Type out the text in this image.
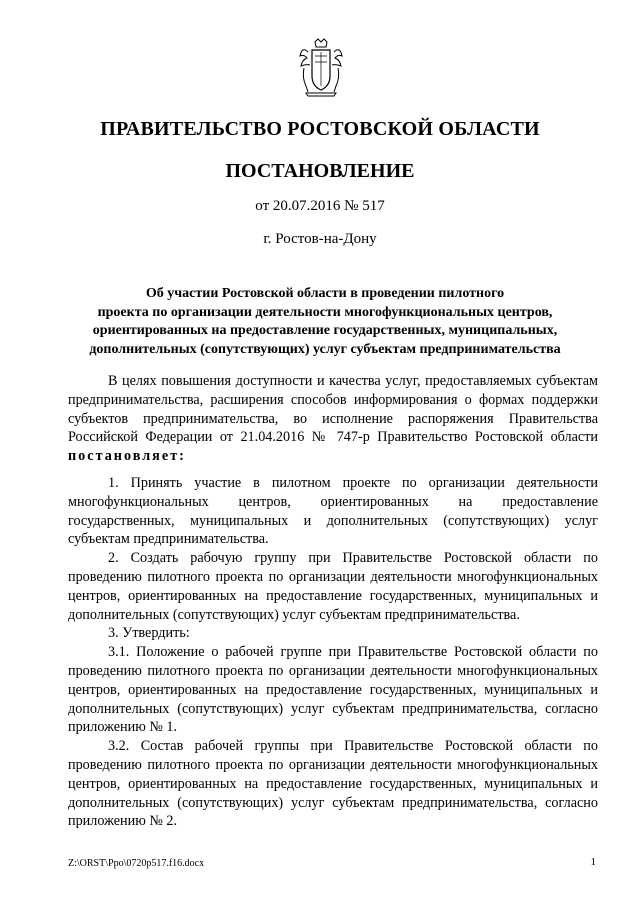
ПРАВИТЕЛЬСТВО РОСТОВСКОЙ ОБЛАСТИ
ПОСТАНОВЛЕНИЕ
от 20.07.2016 № 517
г. Ростов-на-Дону
Об участии Ростовской области в проведении пилотного
проекта по организации деятельности многофункциональных центров,
ориентированных на предоставление государственных, муниципальных,
дополнительных (сопутствующих) услуг субъектам предпринимательства

В целях повышения доступности и качества услуг, предоставляемых субъектам предпринимательства, расширения способов информирования о формах поддержки субъектов предпринимательства, во исполнение распоряжения Правительства Российской Федерации от 21.04.2016 № 747-р Правительство Ростовской области постановляет:

1. Принять участие в пилотном проекте по организации деятельности многофункциональных центров, ориентированных на предоставление государственных, муниципальных и дополнительных (сопутствующих) услуг субъектам предпринимательства.

2. Создать рабочую группу при Правительстве Ростовской области по проведению пилотного проекта по организации деятельности многофункциональных центров, ориентированных на предоставление государственных, муниципальных и дополнительных (сопутствующих) услуг субъектам предпринимательства.

3. Утвердить:

3.1. Положение о рабочей группе при Правительстве Ростовской области по проведению пилотного проекта по организации деятельности многофункциональных центров, ориентированных на предоставление государственных, муниципальных и дополнительных (сопутствующих) услуг субъектам предпринимательства, согласно приложению № 1.

3.2. Состав рабочей группы при Правительстве Ростовской области по проведению пилотного проекта по организации деятельности многофункциональных центров, ориентированных на предоставление государственных, муниципальных и дополнительных (сопутствующих) услуг субъектам предпринимательства, согласно приложению № 2.

Z:\ORST\Ppo\0720p517.f16.docx	1
